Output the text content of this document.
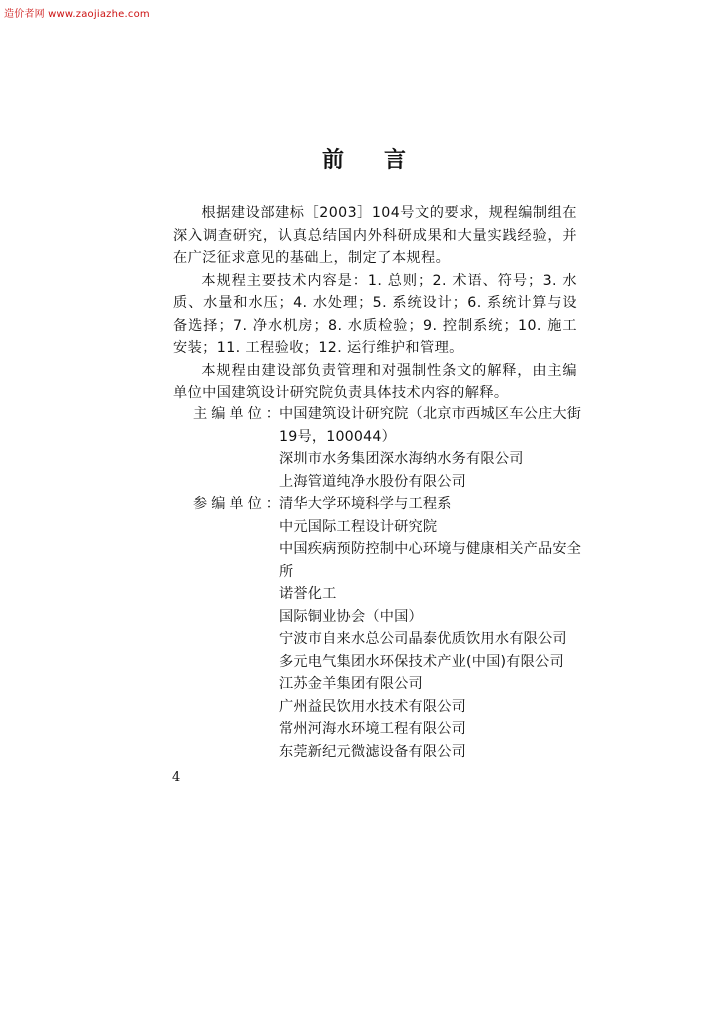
造价者网 www.zaojiazhe.com
前言

根据建设部建标［2003］104号文的要求，规程编制组在深入调查研究，认真总结国内外科研成果和大量实践经验，并在广泛征求意见的基础上，制定了本规程。

本规程主要技术内容是：1. 总则；2. 术语、符号；3. 水质、水量和水压；4. 水处理；5. 系统设计；6. 系统计算与设备选择；7. 净水机房；8. 水质检验；9. 控制系统；10. 施工安装；11. 工程验收；12. 运行维护和管理。

本规程由建设部负责管理和对强制性条文的解释，由主编单位中国建筑设计研究院负责具体技术内容的解释。

主编单位：
中国建筑设计研究院（北京市西城区车公庄大街19号，100044）
深圳市水务集团深水海纳水务有限公司
上海管道纯净水股份有限公司
参编单位：
清华大学环境科学与工程系
中元国际工程设计研究院
中国疾病预防控制中心环境与健康相关产品安全所
诺誉化工
国际铜业协会（中国）
宁波市自来水总公司晶泰优质饮用水有限公司
多元电气集团水环保技术产业(中国)有限公司
江苏金羊集团有限公司
广州益民饮用水技术有限公司
常州河海水环境工程有限公司
东莞新纪元微滤设备有限公司
4
